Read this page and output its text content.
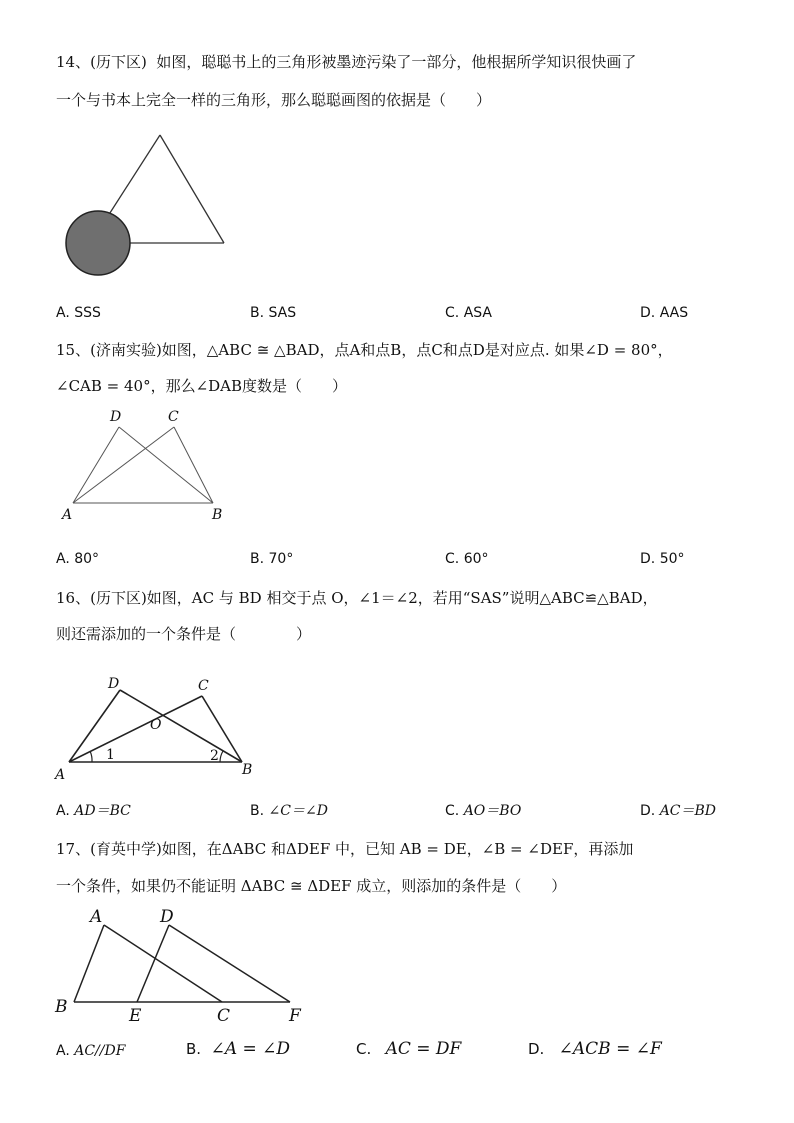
14、(历下区) 如图，聪聪书上的三角形被墨迹污染了一部分，他根据所学知识很快画了
一个与书本上完全一样的三角形，那么聪聪画图的依据是（　　）
A. SSS	B. SAS	C. ASA	D. AAS
15、(济南实验)如图，△ABC ≅ △BAD，点A和点B，点C和点D是对应点. 如果∠D = 80°，
∠CAB = 40°，那么∠DAB度数是（　　）
D	C
A	B
A. 80°	B. 70°	C. 60°	D. 50°
16、(历下区)如图，AC 与 BD 相交于点 O，∠1＝∠2，若用“SAS”说明△ABC≌△BAD，
则还需添加的一个条件是（　　　　）
D	C
O
A	B
1	2
A. AD＝BC	B. ∠C＝∠D	C. AO＝BO	D. AC＝BD
17、(育英中学)如图，在ΔABC 和ΔDEF 中，已知 AB = DE，∠B = ∠DEF，再添加
一个条件，如果仍不能证明 ΔABC ≅ ΔDEF 成立，则添加的条件是（　　）
A	D
B	E	C	F
A. AC//DF	B. ∠A = ∠D	C. AC = DF	D. ∠ACB = ∠F
